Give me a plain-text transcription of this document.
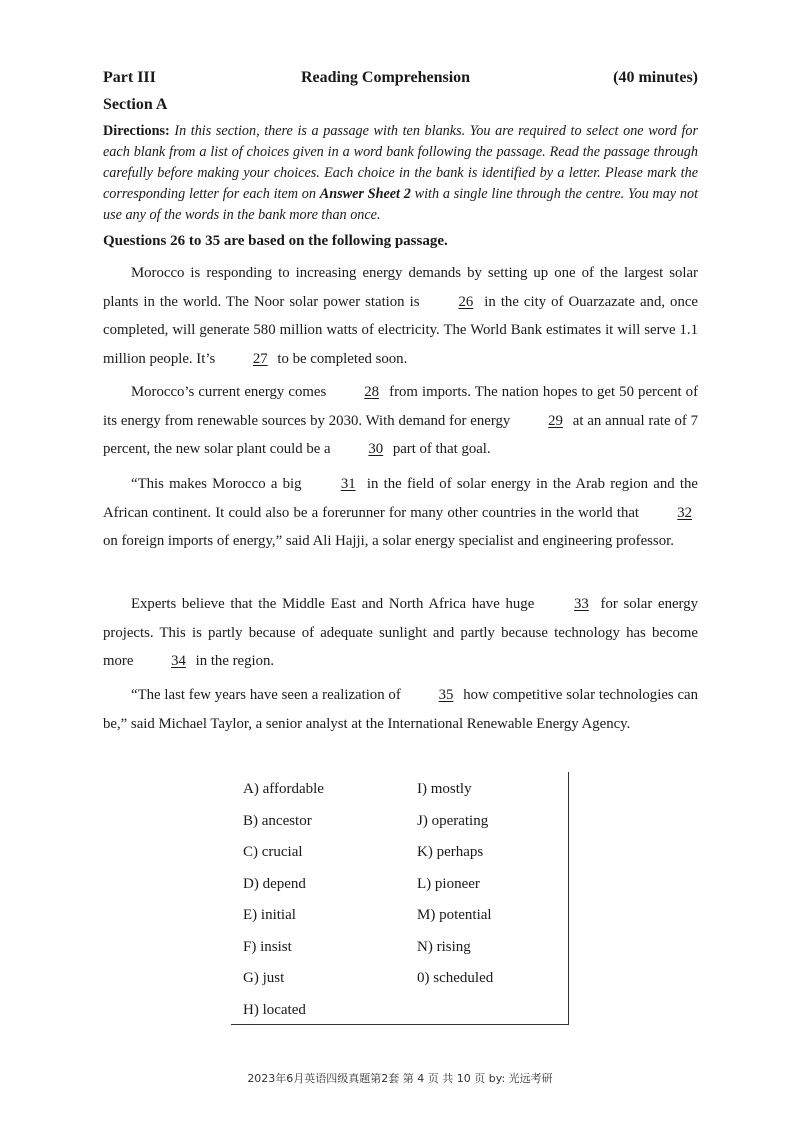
Part III	Reading Comprehension	(40 minutes)
Section A
Directions: In this section, there is a passage with ten blanks. You are required to select one word for each blank from a list of choices given in a word bank following the passage. Read the passage through carefully before making your choices. Each choice in the bank is identified by a letter. Please mark the corresponding letter for each item on Answer Sheet 2 with a single line through the centre. You may not use any of the words in the bank more than once.
Questions 26 to 35 are based on the following passage.

Morocco is responding to increasing energy demands by setting up one of the largest solar plants in the world. The Noor solar power station is	26 in the city of Ouarzazate and, once completed, will generate 580 million watts of electricity. The World Bank estimates it will serve 1.1 million people. It’s	27 to be completed soon.

Morocco’s current energy comes	28 from imports. The nation hopes to get 50 percent of its energy from renewable sources by 2030. With demand for energy	29 at an annual rate of 7 percent, the new solar plant could be a	30 part of that goal.

“This makes Morocco a big	31 in the field of solar energy in the Arab region and the African continent. It could also be a forerunner for many other countries in the world that	32 on foreign imports of energy,” said Ali Hajji, a solar energy specialist and engineering professor.

Experts believe that the Middle East and North Africa have huge	33 for solar energy projects. This is partly because of adequate sunlight and partly because technology has become more	34 in the region.

“The last few years have seen a realization of	35 how competitive solar technologies can be,” said Michael Taylor, a senior analyst at the International Renewable Energy Agency.

A) affordable
B) ancestor
C) crucial
D) depend
E) initial
F) insist
G) just
H) located
I) mostly
J) operating
K) perhaps
L) pioneer
M) potential
N) rising
0) scheduled
2023年6月英语四级真题第2套 第 4 页 共 10 页 by: 光远考研
